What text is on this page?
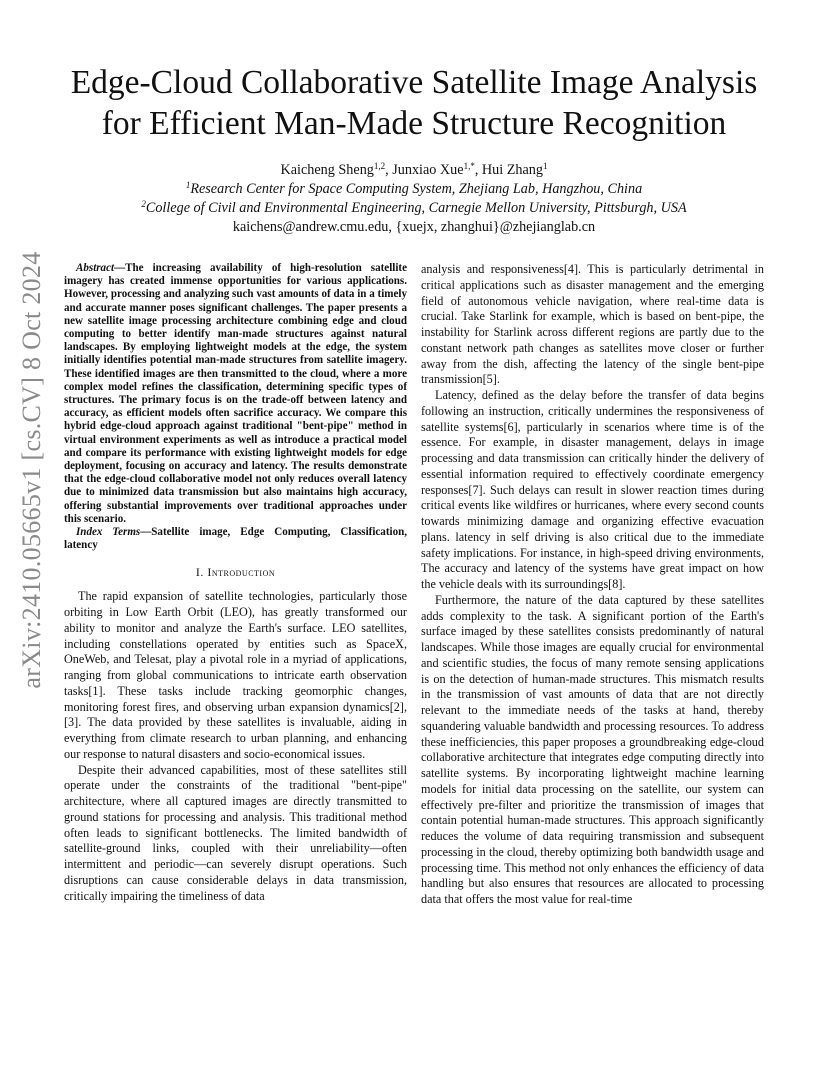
arXiv:2410.05665v1 [cs.CV] 8 Oct 2024
Edge-Cloud Collaborative Satellite Image Analysis
for Efficient Man-Made Structure Recognition
Kaicheng Sheng$^{1,2}$, Junxiao Xue$^{1,*}$, Hui Zhang$^1$
$^1$Research Center for Space Computing System, Zhejiang Lab, Hangzhou, China
$^2$College of Civil and Environmental Engineering, Carnegie Mellon University, Pittsburgh, USA
kaichens@andrew.cmu.edu, {xuejx, zhanghui}@zhejianglab.cn

Abstract—The increasing availability of high-resolution satellite imagery has created immense opportunities for various applications. However, processing and analyzing such vast amounts of data in a timely and accurate manner poses significant challenges. The paper presents a new satellite image processing architecture combining edge and cloud computing to better identify man-made structures against natural landscapes. By employing lightweight models at the edge, the system initially identifies potential man-made structures from satellite imagery. These identified images are then transmitted to the cloud, where a more complex model refines the classification, determining specific types of structures. The primary focus is on the trade-off between latency and accuracy, as efficient models often sacrifice accuracy. We compare this hybrid edge-cloud approach against traditional "bent-pipe" method in virtual environment experiments as well as introduce a practical model and compare its performance with existing lightweight models for edge deployment, focusing on accuracy and latency. The results demonstrate that the edge-cloud collaborative model not only reduces overall latency due to minimized data transmission but also maintains high accuracy, offering substantial improvements over traditional approaches under this scenario.

Index Terms—Satellite image, Edge Computing, Classification, latency

I. Introduction

The rapid expansion of satellite technologies, particularly those orbiting in Low Earth Orbit (LEO), has greatly transformed our ability to monitor and analyze the Earth's surface. LEO satellites, including constellations operated by entities such as SpaceX, OneWeb, and Telesat, play a pivotal role in a myriad of applications, ranging from global communications to intricate earth observation tasks[1]. These tasks include tracking geomorphic changes, monitoring forest fires, and observing urban expansion dynamics[2], [3]. The data provided by these satellites is invaluable, aiding in everything from climate research to urban planning, and enhancing our response to natural disasters and socio-economical issues.

Despite their advanced capabilities, most of these satellites still operate under the constraints of the traditional "bent-pipe" architecture, where all captured images are directly transmitted to ground stations for processing and analysis. This traditional method often leads to significant bottlenecks. The limited bandwidth of satellite-ground links, coupled with their unreliability—often intermittent and periodic—can severely disrupt operations. Such disruptions can cause considerable delays in data transmission, critically impairing the timeliness of data

analysis and responsiveness[4]. This is particularly detrimental in critical applications such as disaster management and the emerging field of autonomous vehicle navigation, where real-time data is crucial. Take Starlink for example, which is based on bent-pipe, the instability for Starlink across different regions are partly due to the constant network path changes as satellites move closer or further away from the dish, affecting the latency of the single bent-pipe transmission[5].

Latency, defined as the delay before the transfer of data begins following an instruction, critically undermines the responsiveness of satellite systems[6], particularly in scenarios where time is of the essence. For example, in disaster management, delays in image processing and data transmission can critically hinder the delivery of essential information required to effectively coordinate emergency responses[7]. Such delays can result in slower reaction times during critical events like wildfires or hurricanes, where every second counts towards minimizing damage and organizing effective evacuation plans. latency in self driving is also critical due to the immediate safety implications. For instance, in high-speed driving environments, The accuracy and latency of the systems have great impact on how the vehicle deals with its surroundings[8].

Furthermore, the nature of the data captured by these satellites adds complexity to the task. A significant portion of the Earth's surface imaged by these satellites consists predominantly of natural landscapes. While those images are equally crucial for environmental and scientific studies, the focus of many remote sensing applications is on the detection of human-made structures. This mismatch results in the transmission of vast amounts of data that are not directly relevant to the immediate needs of the tasks at hand, thereby squandering valuable bandwidth and processing resources. To address these inefficiencies, this paper proposes a groundbreaking edge-cloud collaborative architecture that integrates edge computing directly into satellite systems. By incorporating lightweight machine learning models for initial data processing on the satellite, our system can effectively pre-filter and prioritize the transmission of images that contain potential human-made structures. This approach significantly reduces the volume of data requiring transmission and subsequent processing in the cloud, thereby optimizing both bandwidth usage and processing time. This method not only enhances the efficiency of data handling but also ensures that resources are allocated to processing data that offers the most value for real-time
